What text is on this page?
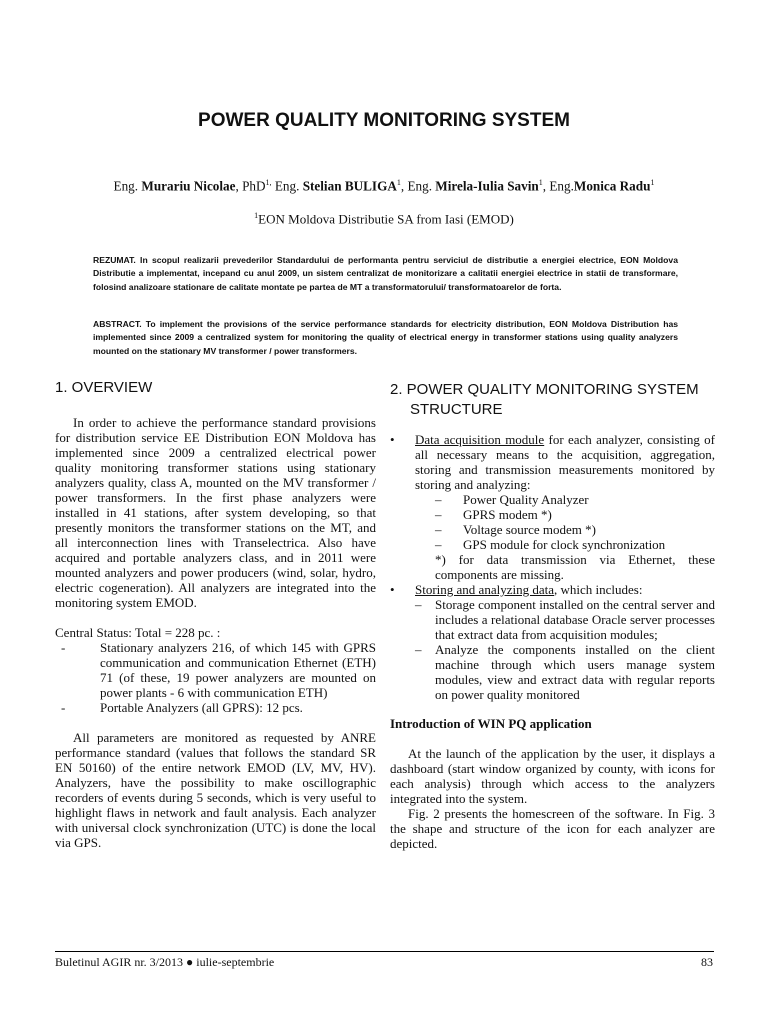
POWER QUALITY MONITORING SYSTEM
Eng. Murariu Nicolae, PhD$^{1,}$ Eng. Stelian BULIGA$^1$, Eng. Mirela-Iulia Savin$^1$, Eng.Monica Radu$^1$
$^1$EON Moldova Distributie SA from Iasi (EMOD)
REZUMAT. In scopul realizarii prevederilor Standardului de performanta pentru serviciul de distributie a energiei electrice, EON Moldova Distributie a implementat, incepand cu anul 2009, un sistem centralizat de monitorizare a calitatii energiei electrice in statii de transformare, folosind analizoare stationare de calitate montate pe partea de MT a transformatorului/ transformatoarelor de forta.
ABSTRACT. To implement the provisions of the service performance standards for electricity distribution, EON Moldova Distribution has implemented since 2009 a centralized system for monitoring the quality of electrical energy in transformer stations using quality analyzers mounted on the stationary MV transformer / power transformers.
1. OVERVIEW

In order to achieve the performance standard provisions for distribution service EE Distribution EON Moldova has implemented since 2009 a centralized electrical power quality monitoring transformer stations using stationary analyzers quality, class A, mounted on the MV transformer / power transformers. In the first phase analyzers were installed in 41 stations, after system developing, so that presently monitors the transformer stations on the MT, and all interconnection lines with Transelectrica. Also have acquired and portable analyzers class, and in 2011 were mounted analyzers and power producers (wind, solar, hydro, electric cogeneration). All analyzers are integrated into the monitoring system EMOD.

Central Status: Total = 228 pc. :

-	Stationary analyzers 216, of which 145 with GPRS communication and communication Ethernet (ETH) 71 (of these, 19 power analyzers are mounted on power plants - 6 with communication ETH)
-	Portable Analyzers (all GPRS): 12 pcs.

All parameters are monitored as requested by ANRE performance standard (values that follows the standard SR EN 50160) of the entire network EMOD (LV, MV, HV). Analyzers, have the possibility to make oscillographic recorders of events during 5 seconds, which is very useful to highlight flaws in network and fault analysis. Each analyzer with universal clock synchronization (UTC) is done the local via GPS.

2. POWER QUALITY MONITORING SYSTEM STRUCTURE
• Data acquisition module for each analyzer, consisting of all necessary means to the acquisition, aggregation, storing and transmission measurements monitored by storing and analyzing:
– Power Quality Analyzer
– GPRS modem *)
– Voltage source modem *)
– GPS module for clock synchronization
*) for data transmission via Ethernet, these components are missing.
• Storing and analyzing data, which includes:
– Storage component installed on the central server and includes a relational database Oracle server processes that extract data from acquisition modules;
– Analyze the components installed on the client machine through which users manage system modules, view and extract data with regular reports on power quality monitored

Introduction of WIN PQ application

At the launch of the application by the user, it displays a dashboard (start window organized by county, with icons for each analysis) through which access to the analyzers integrated into the system.

Fig. 2 presents the homescreen of the software. In Fig. 3 the shape and structure of the icon for each analyzer are depicted.

Buletinul AGIR nr. 3/2013 ● iulie-septembrie	83
